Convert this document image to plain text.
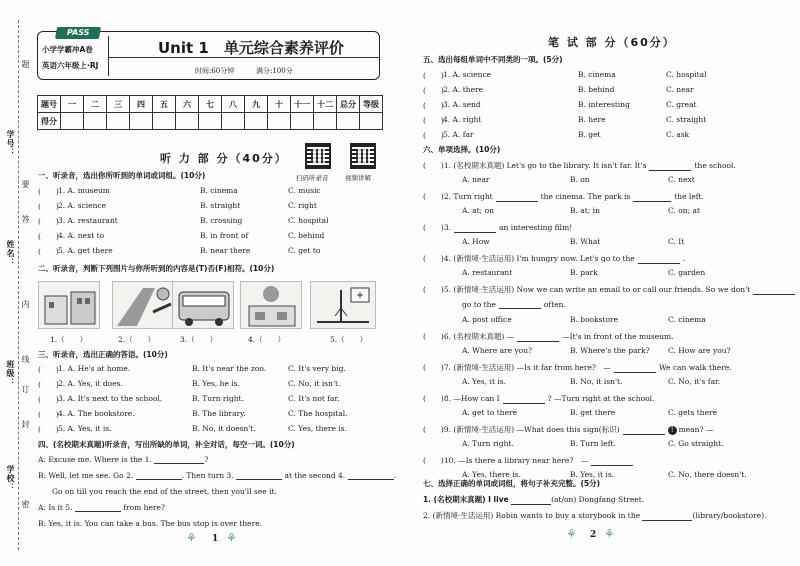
题
学号：
要
答
姓名：
内
线
订
班级：
封
学校：
密
PASS
小学学霸冲A卷
英语六年级上·RJ
Unit 1　单元综合素养评价
时间:60分钟	满分:100分
题号	一	二	三	四	五	六	七	八	九	十	十一	十二	总分	等级
得分														
听 力 部 分（40分）
扫码听录音	视频讲解
一、听录音，选出你所听到的单词或词组。(10分)
(　　) 1. A. museum	B. cinema	C. music
(　　) 2. A. science	B. straight	C. right
(　　) 3. A. restaurant	B. crossing	C. hospital
(　　) 4. A. next to	B. in front of	C. behind
(　　) 5. A. get there	B. near there	C. get to
二、听录音，判断下列图片与你所听到的内容是(T)否(F)相符。(10分)
1.（　　）	2.（　　）	3.（　　）	4.（　　）	5.（　　）
三、听录音，选出正确的答语。(10分)
(　　) 1. A. He's at home.	B. It's near the zoo.	C. It's very big.
(　　) 2. A. Yes, it does.	B. Yes, he is.	C. No, it isn't.
(　　) 3. A. It's next to the school.	B. Turn right.	C. It's not far.
(　　) 4. A. The bookstore.	B. The library.	C. The hospital.
(　　) 5. A. Yes, it is.	B. No, it doesn't.	C. Yes, there is.
四、(名校期末真题)听录音，写出所缺的单词，补全对话，每空一词。(10分)
A: Excuse me. Where is the 1.	?
B: Well, let me see. Go 2.	. Then turn 3.	at the second 4.	.
Go on till you reach the end of the street, then you'll see it.
A: Is it 5.	from here?
B: Yes, it is. You can take a bus. The bus stop is over there.
⚘ 1 ⚘
笔 试 部 分（60分）
五、选出每组单词中不同类的一项。(5分)
(　　) 1. A. science	B. cinema	C. hospital
(　　) 2. A. there	B. behind	C. near
(　　) 3. A. send	B. interesting	C. great
(　　) 4. A. right	B. here	C. straight
(　　) 5. A. far	B. get	C. ask
六、单项选择。(10分)
(　　)1. (名校期末真题) Let's go to the library. It isn't far. It's	the school.
A. near	B. on	C. next
(　　)2. Turn right	the cinema. The park is	the left.
A. at; on	B. at; in	C. on; at
(　　)3.	an interesting film!
A. How	B. What	C. It
(　　)4. (新情境·生活运用) I'm hungry now. Let's go to the	.
A. restaurant	B. park	C. garden
(　　)5. (新情境·生活运用) Now we can write an email to or call our friends. So we don't
go to the	often.
A. post office	B. bookstore	C. cinema
(　　)6. (名校期末真题) —	—It's in front of the museum.
A. Where are you?	B. Where's the park? C. How are you?
(　　)7. (新情境·生活运用) —Is it far from here?　—	We can walk there.
A. Yes, it is.	B. No, it isn't.	C. No, it's far.
(　　)8. —How can I	? —Turn right at the school.
A. get to there	B. get there	C. gets there
(　　)9. (新情境·生活运用) —What does this sign(标识)	! mean? —
A. Turn right.	B. Turn left.	C. Go straight.
(　　)10. —Is there a library near here?　—
A. Yes, there is.	B. Yes, it is.	C. No, there doesn't.
七、选择正确的单词或词组，将句子补充完整。(5分)
1. (名校期末真题) I live	(at/on) Dongfang Street.
2. (新情境·生活运用) Robin wants to buy a storybook in the	(library/bookstore).
⚘ 2 ⚘
